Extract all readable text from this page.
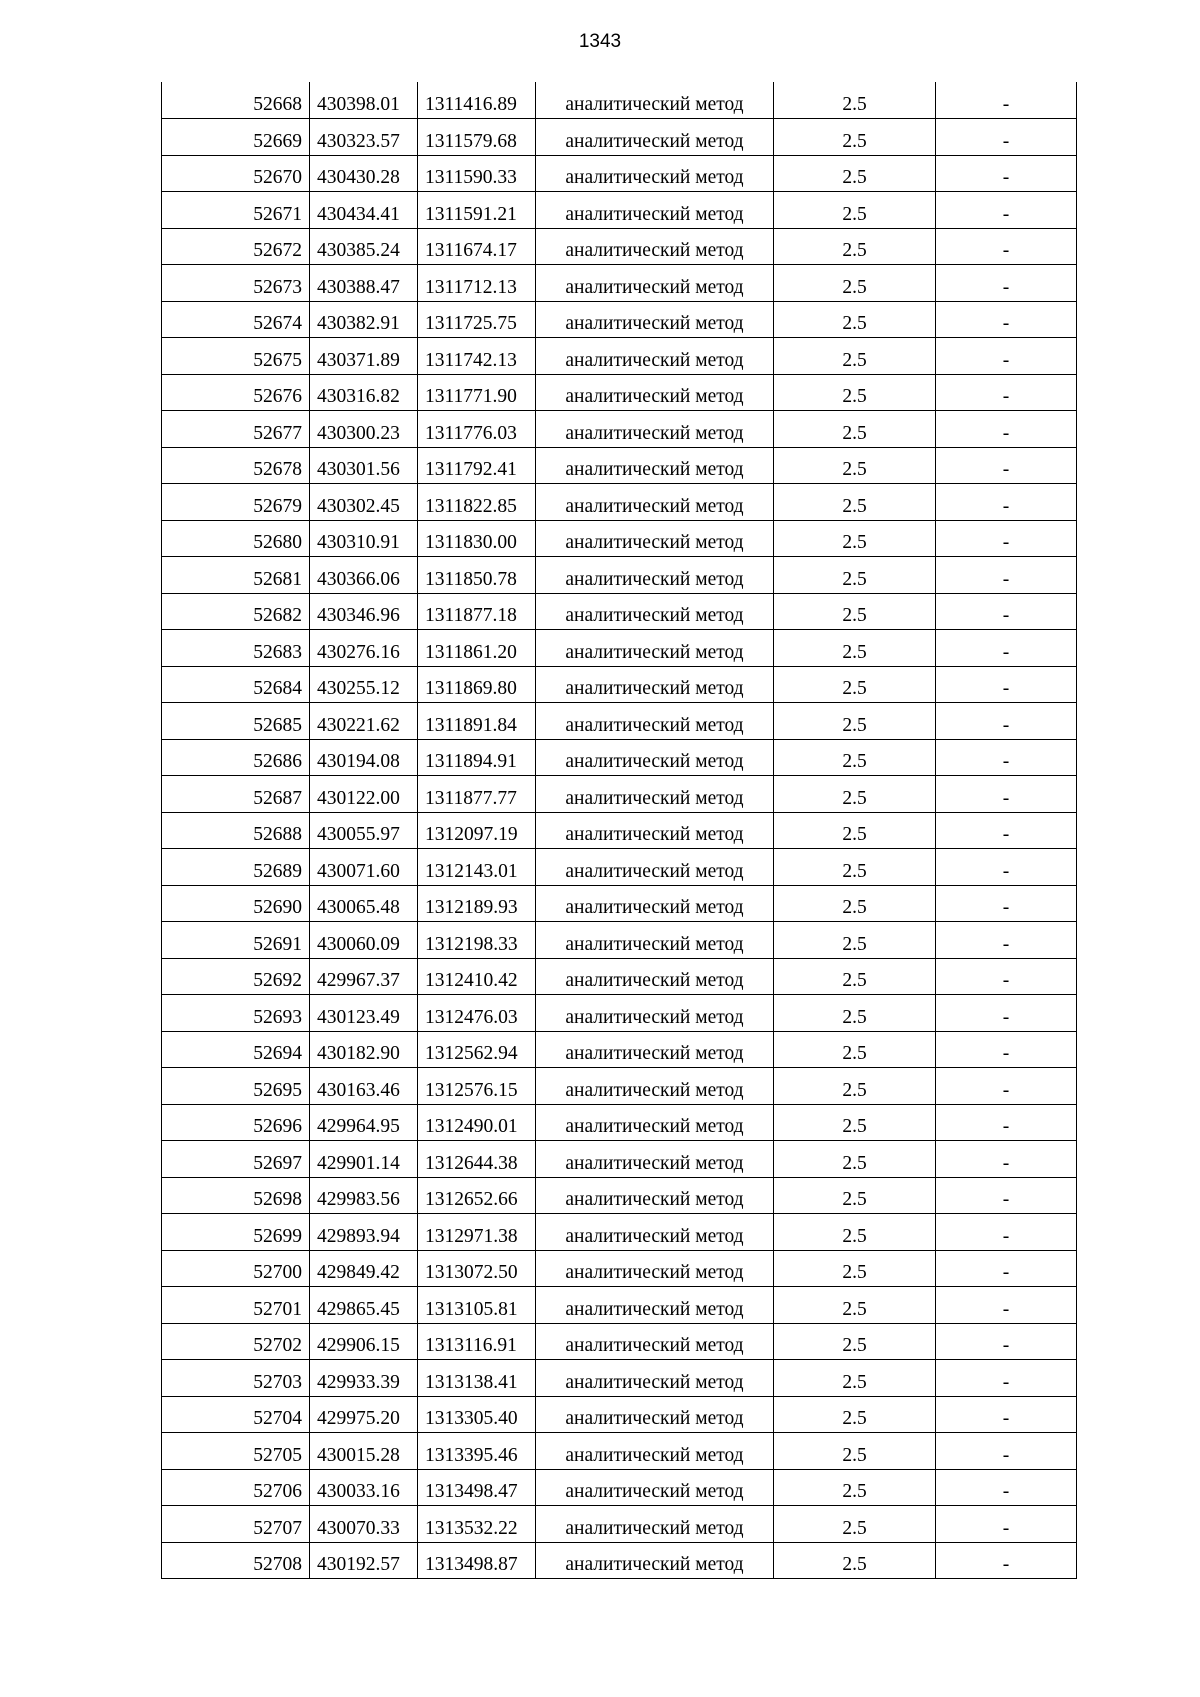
1343
52668	430398.01	1311416.89	аналитический метод	2.5	-
52669	430323.57	1311579.68	аналитический метод	2.5	-
52670	430430.28	1311590.33	аналитический метод	2.5	-
52671	430434.41	1311591.21	аналитический метод	2.5	-
52672	430385.24	1311674.17	аналитический метод	2.5	-
52673	430388.47	1311712.13	аналитический метод	2.5	-
52674	430382.91	1311725.75	аналитический метод	2.5	-
52675	430371.89	1311742.13	аналитический метод	2.5	-
52676	430316.82	1311771.90	аналитический метод	2.5	-
52677	430300.23	1311776.03	аналитический метод	2.5	-
52678	430301.56	1311792.41	аналитический метод	2.5	-
52679	430302.45	1311822.85	аналитический метод	2.5	-
52680	430310.91	1311830.00	аналитический метод	2.5	-
52681	430366.06	1311850.78	аналитический метод	2.5	-
52682	430346.96	1311877.18	аналитический метод	2.5	-
52683	430276.16	1311861.20	аналитический метод	2.5	-
52684	430255.12	1311869.80	аналитический метод	2.5	-
52685	430221.62	1311891.84	аналитический метод	2.5	-
52686	430194.08	1311894.91	аналитический метод	2.5	-
52687	430122.00	1311877.77	аналитический метод	2.5	-
52688	430055.97	1312097.19	аналитический метод	2.5	-
52689	430071.60	1312143.01	аналитический метод	2.5	-
52690	430065.48	1312189.93	аналитический метод	2.5	-
52691	430060.09	1312198.33	аналитический метод	2.5	-
52692	429967.37	1312410.42	аналитический метод	2.5	-
52693	430123.49	1312476.03	аналитический метод	2.5	-
52694	430182.90	1312562.94	аналитический метод	2.5	-
52695	430163.46	1312576.15	аналитический метод	2.5	-
52696	429964.95	1312490.01	аналитический метод	2.5	-
52697	429901.14	1312644.38	аналитический метод	2.5	-
52698	429983.56	1312652.66	аналитический метод	2.5	-
52699	429893.94	1312971.38	аналитический метод	2.5	-
52700	429849.42	1313072.50	аналитический метод	2.5	-
52701	429865.45	1313105.81	аналитический метод	2.5	-
52702	429906.15	1313116.91	аналитический метод	2.5	-
52703	429933.39	1313138.41	аналитический метод	2.5	-
52704	429975.20	1313305.40	аналитический метод	2.5	-
52705	430015.28	1313395.46	аналитический метод	2.5	-
52706	430033.16	1313498.47	аналитический метод	2.5	-
52707	430070.33	1313532.22	аналитический метод	2.5	-
52708	430192.57	1313498.87	аналитический метод	2.5	-
